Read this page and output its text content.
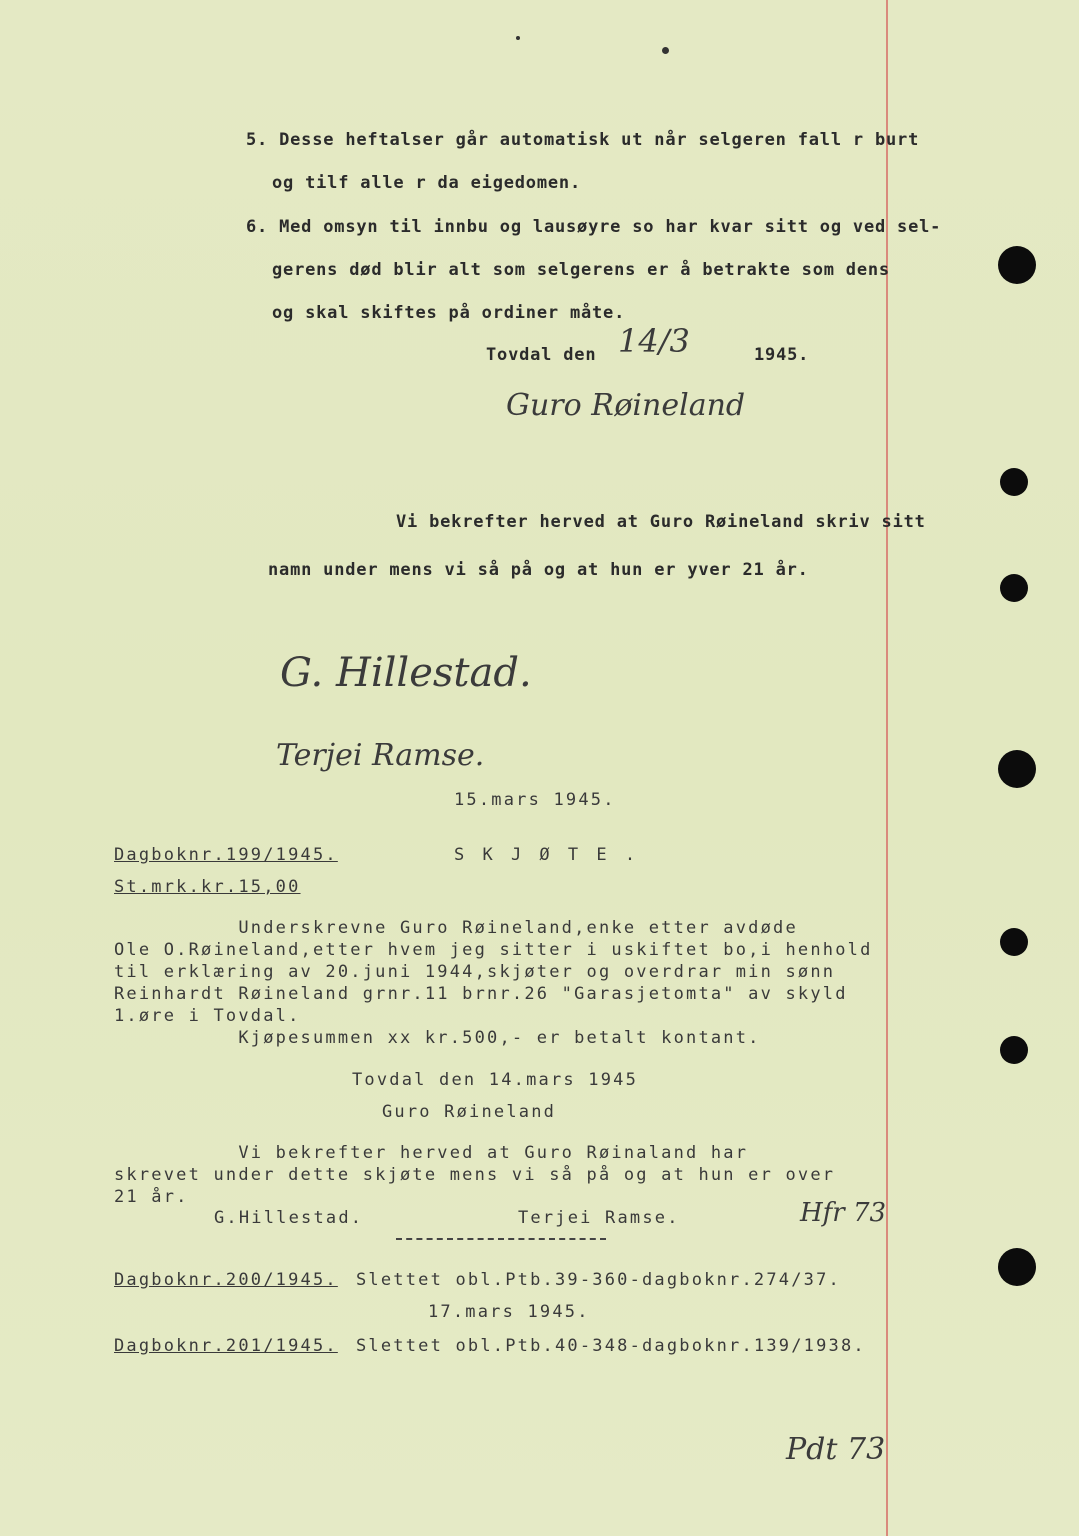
5. Desse heftalser går automatisk ut når selgeren fall r burt
og tilf alle r da eigedomen.
6. Med omsyn til innbu og lausøyre so har kvar sitt og ved sel-
gerens død blir alt som selgerens er å betrakte som dens
og skal skiftes på ordiner måte.
Tovdal den 14/3	1945.
Guro Røineland
Vi bekrefter herved at Guro Røineland skriv sitt
namn under mens vi så på og at hun er yver 21 år.
G. Hillestad.
Terjei Ramse.
15.mars 1945.
Dagboknr.199/1945.	S K J Ø T E .
St.mrk.kr.15,00
Underskrevne Guro Røineland,enke etter avdøde
Ole O.Røineland,etter hvem jeg sitter i uskiftet bo,i henhold
til erklæring av 20.juni 1944,skjøter og overdrar min sønn
Reinhardt Røineland grnr.11 brnr.26 "Garasjetomta" av skyld
1.øre i Tovdal.
Kjøpesummen xx kr.500,- er betalt kontant.
Tovdal den 14.mars 1945
Guro Røineland
Vi bekrefter herved at Guro Røinaland har
skrevet under dette skjøte mens vi så på og at hun er over
21 år.
G.Hillestad.	Terjei Ramse.	Hfr 73
Dagboknr.200/1945. Slettet obl.Ptb.39-360-dagboknr.274/37.
17.mars 1945.
Dagboknr.201/1945. Slettet obl.Ptb.40-348-dagboknr.139/1938.
Pdt 73
